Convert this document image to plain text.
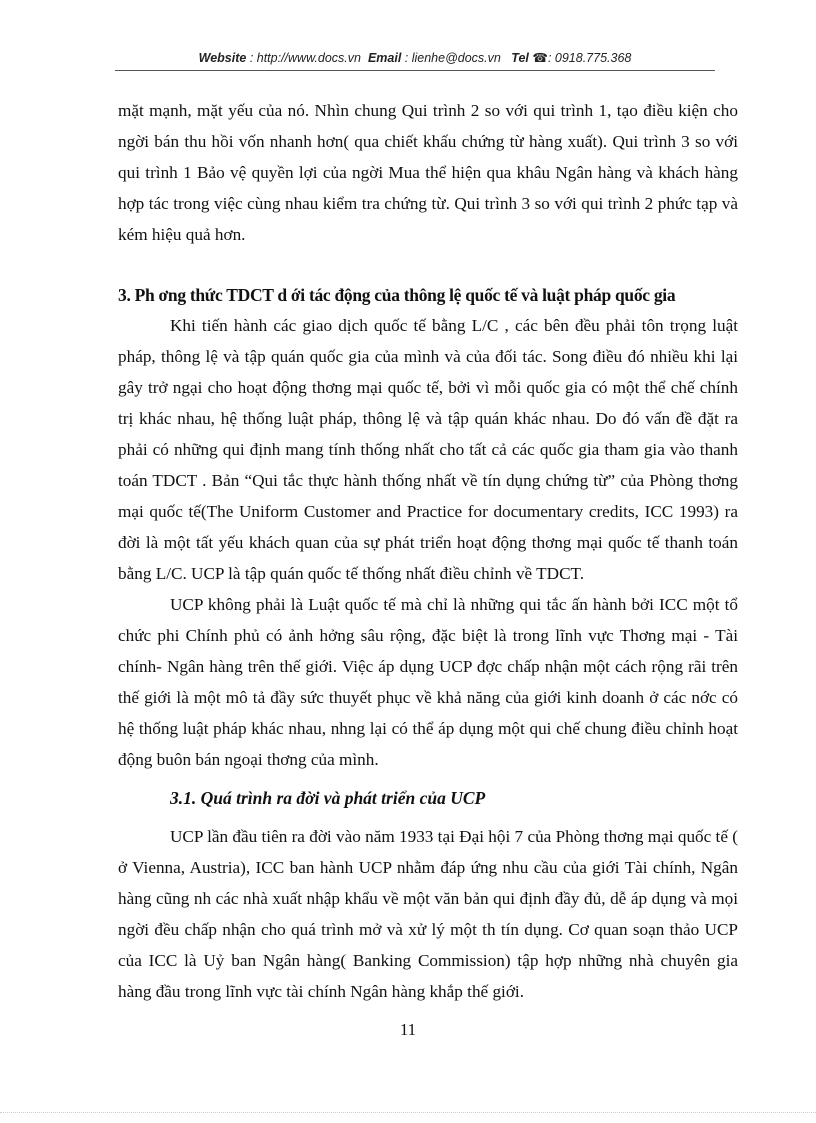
Website : http://www.docs.vn Email : lienhe@docs.vn Tel ☎: 0918.775.368

mặt mạnh, mặt yếu của nó. Nhìn chung Qui trình 2 so với qui trình 1, tạo điều kiện cho ngời bán thu hồi vốn nhanh hơn( qua chiết khấu chứng từ hàng xuất). Qui trình 3 so với qui trình 1 Bảo vệ quyền lợi của ngời Mua thể hiện qua khâu Ngân hàng và khách hàng hợp tác trong việc cùng nhau kiểm tra chứng từ. Qui trình 3 so với qui trình 2 phức tạp và kém hiệu quả hơn.

3. Ph ơng thức TDCT d ới tác động của thông lệ quốc tế và luật pháp quốc gia

Khi tiến hành các giao dịch quốc tế bằng L/C , các bên đều phải tôn trọng luật pháp, thông lệ và tập quán quốc gia của mình và của đối tác. Song điều đó nhiều khi lại gây trở ngại cho hoạt động thơng mại quốc tế, bởi vì mỗi quốc gia có một thể chế chính trị khác nhau, hệ thống luật pháp, thông lệ và tập quán khác nhau. Do đó vấn đề đặt ra phải có những qui định mang tính thống nhất cho tất cả các quốc gia tham gia vào thanh toán TDCT . Bản “Qui tắc thực hành thống nhất về tín dụng chứng từ” của Phòng thơng mại quốc tế(The Uniform Customer and Practice for documentary credits, ICC 1993) ra đời là một tất yếu khách quan của sự phát triển hoạt động thơng mại quốc tế thanh toán bằng L/C. UCP là tập quán quốc tế thống nhất điều chỉnh về TDCT.

UCP không phải là Luật quốc tế mà chỉ là những qui tắc ấn hành bởi ICC một tổ chức phi Chính phủ có ảnh hởng sâu rộng, đặc biệt là trong lĩnh vực Thơng mại - Tài chính- Ngân hàng trên thế giới. Việc áp dụng UCP đợc chấp nhận một cách rộng rãi trên thế giới là một mô tả đầy sức thuyết phục về khả năng của giới kinh doanh ở các nớc có hệ thống luật pháp khác nhau, nhng lại có thể áp dụng một qui chế chung điều chỉnh hoạt động buôn bán ngoại thơng của mình.

3.1. Quá trình ra đời và phát triển của UCP

UCP lần đầu tiên ra đời vào năm 1933 tại Đại hội 7 của Phòng thơng mại quốc tế ( ở Vienna, Austria), ICC ban hành UCP nhằm đáp ứng nhu cầu của giới Tài chính, Ngân hàng cũng nh các nhà xuất nhập khẩu về một văn bản qui định đầy đủ, dễ áp dụng và mọi ngời đều chấp nhận cho quá trình mở và xử lý một th tín dụng. Cơ quan soạn thảo UCP của ICC là Uỷ ban Ngân hàng( Banking Commission) tập hợp những nhà chuyên gia hàng đầu trong lĩnh vực tài chính Ngân hàng khắp thế giới.

11
